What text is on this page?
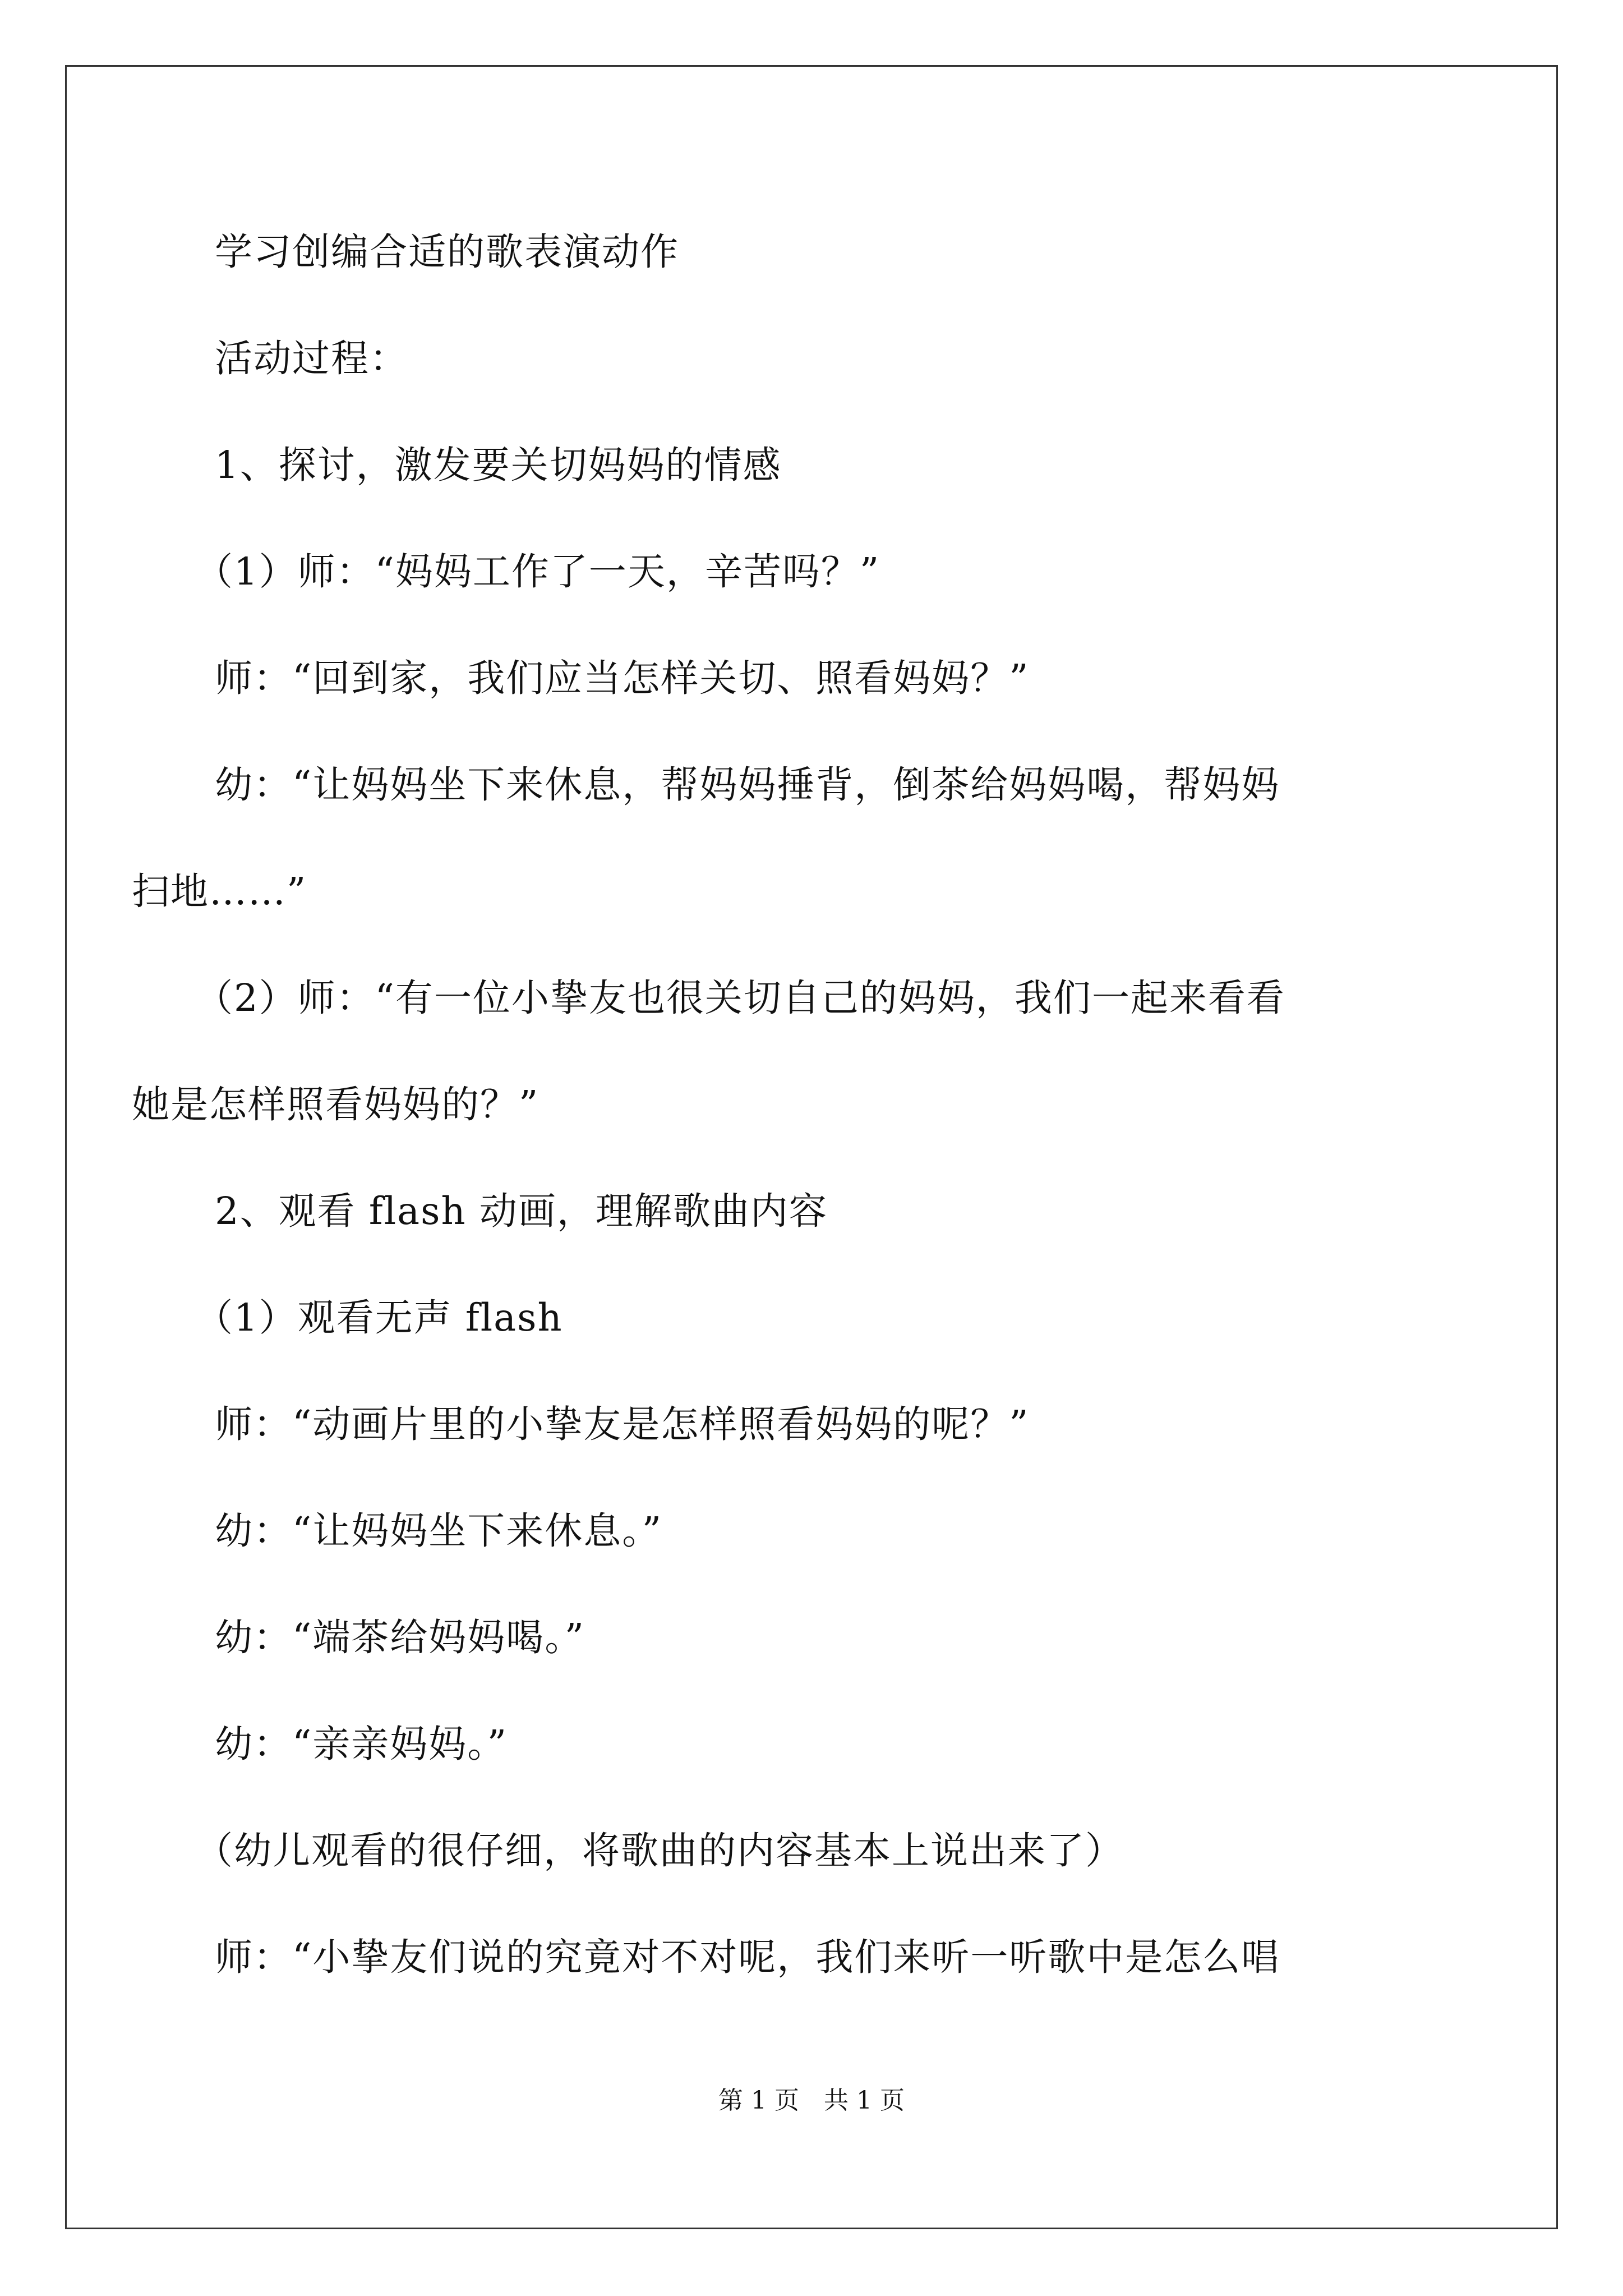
学习创编合适的歌表演动作
活动过程：
1、探讨，激发要关切妈妈的情感
（1）师：“妈妈工作了一天，辛苦吗？”
师：“回到家，我们应当怎样关切、照看妈妈？”
幼：“让妈妈坐下来休息，帮妈妈捶背，倒茶给妈妈喝，帮妈妈
扫地……”
（2）师：“有一位小挚友也很关切自己的妈妈，我们一起来看看
她是怎样照看妈妈的？”
2、观看 flash 动画，理解歌曲内容
（1）观看无声 flash
师：“动画片里的小挚友是怎样照看妈妈的呢？”
幼：“让妈妈坐下来休息。”
幼：“端茶给妈妈喝。”
幼：“亲亲妈妈。”
（幼儿观看的很仔细，将歌曲的内容基本上说出来了）
师：“小挚友们说的究竟对不对呢，我们来听一听歌中是怎么唱
第 1 页 共 1 页
